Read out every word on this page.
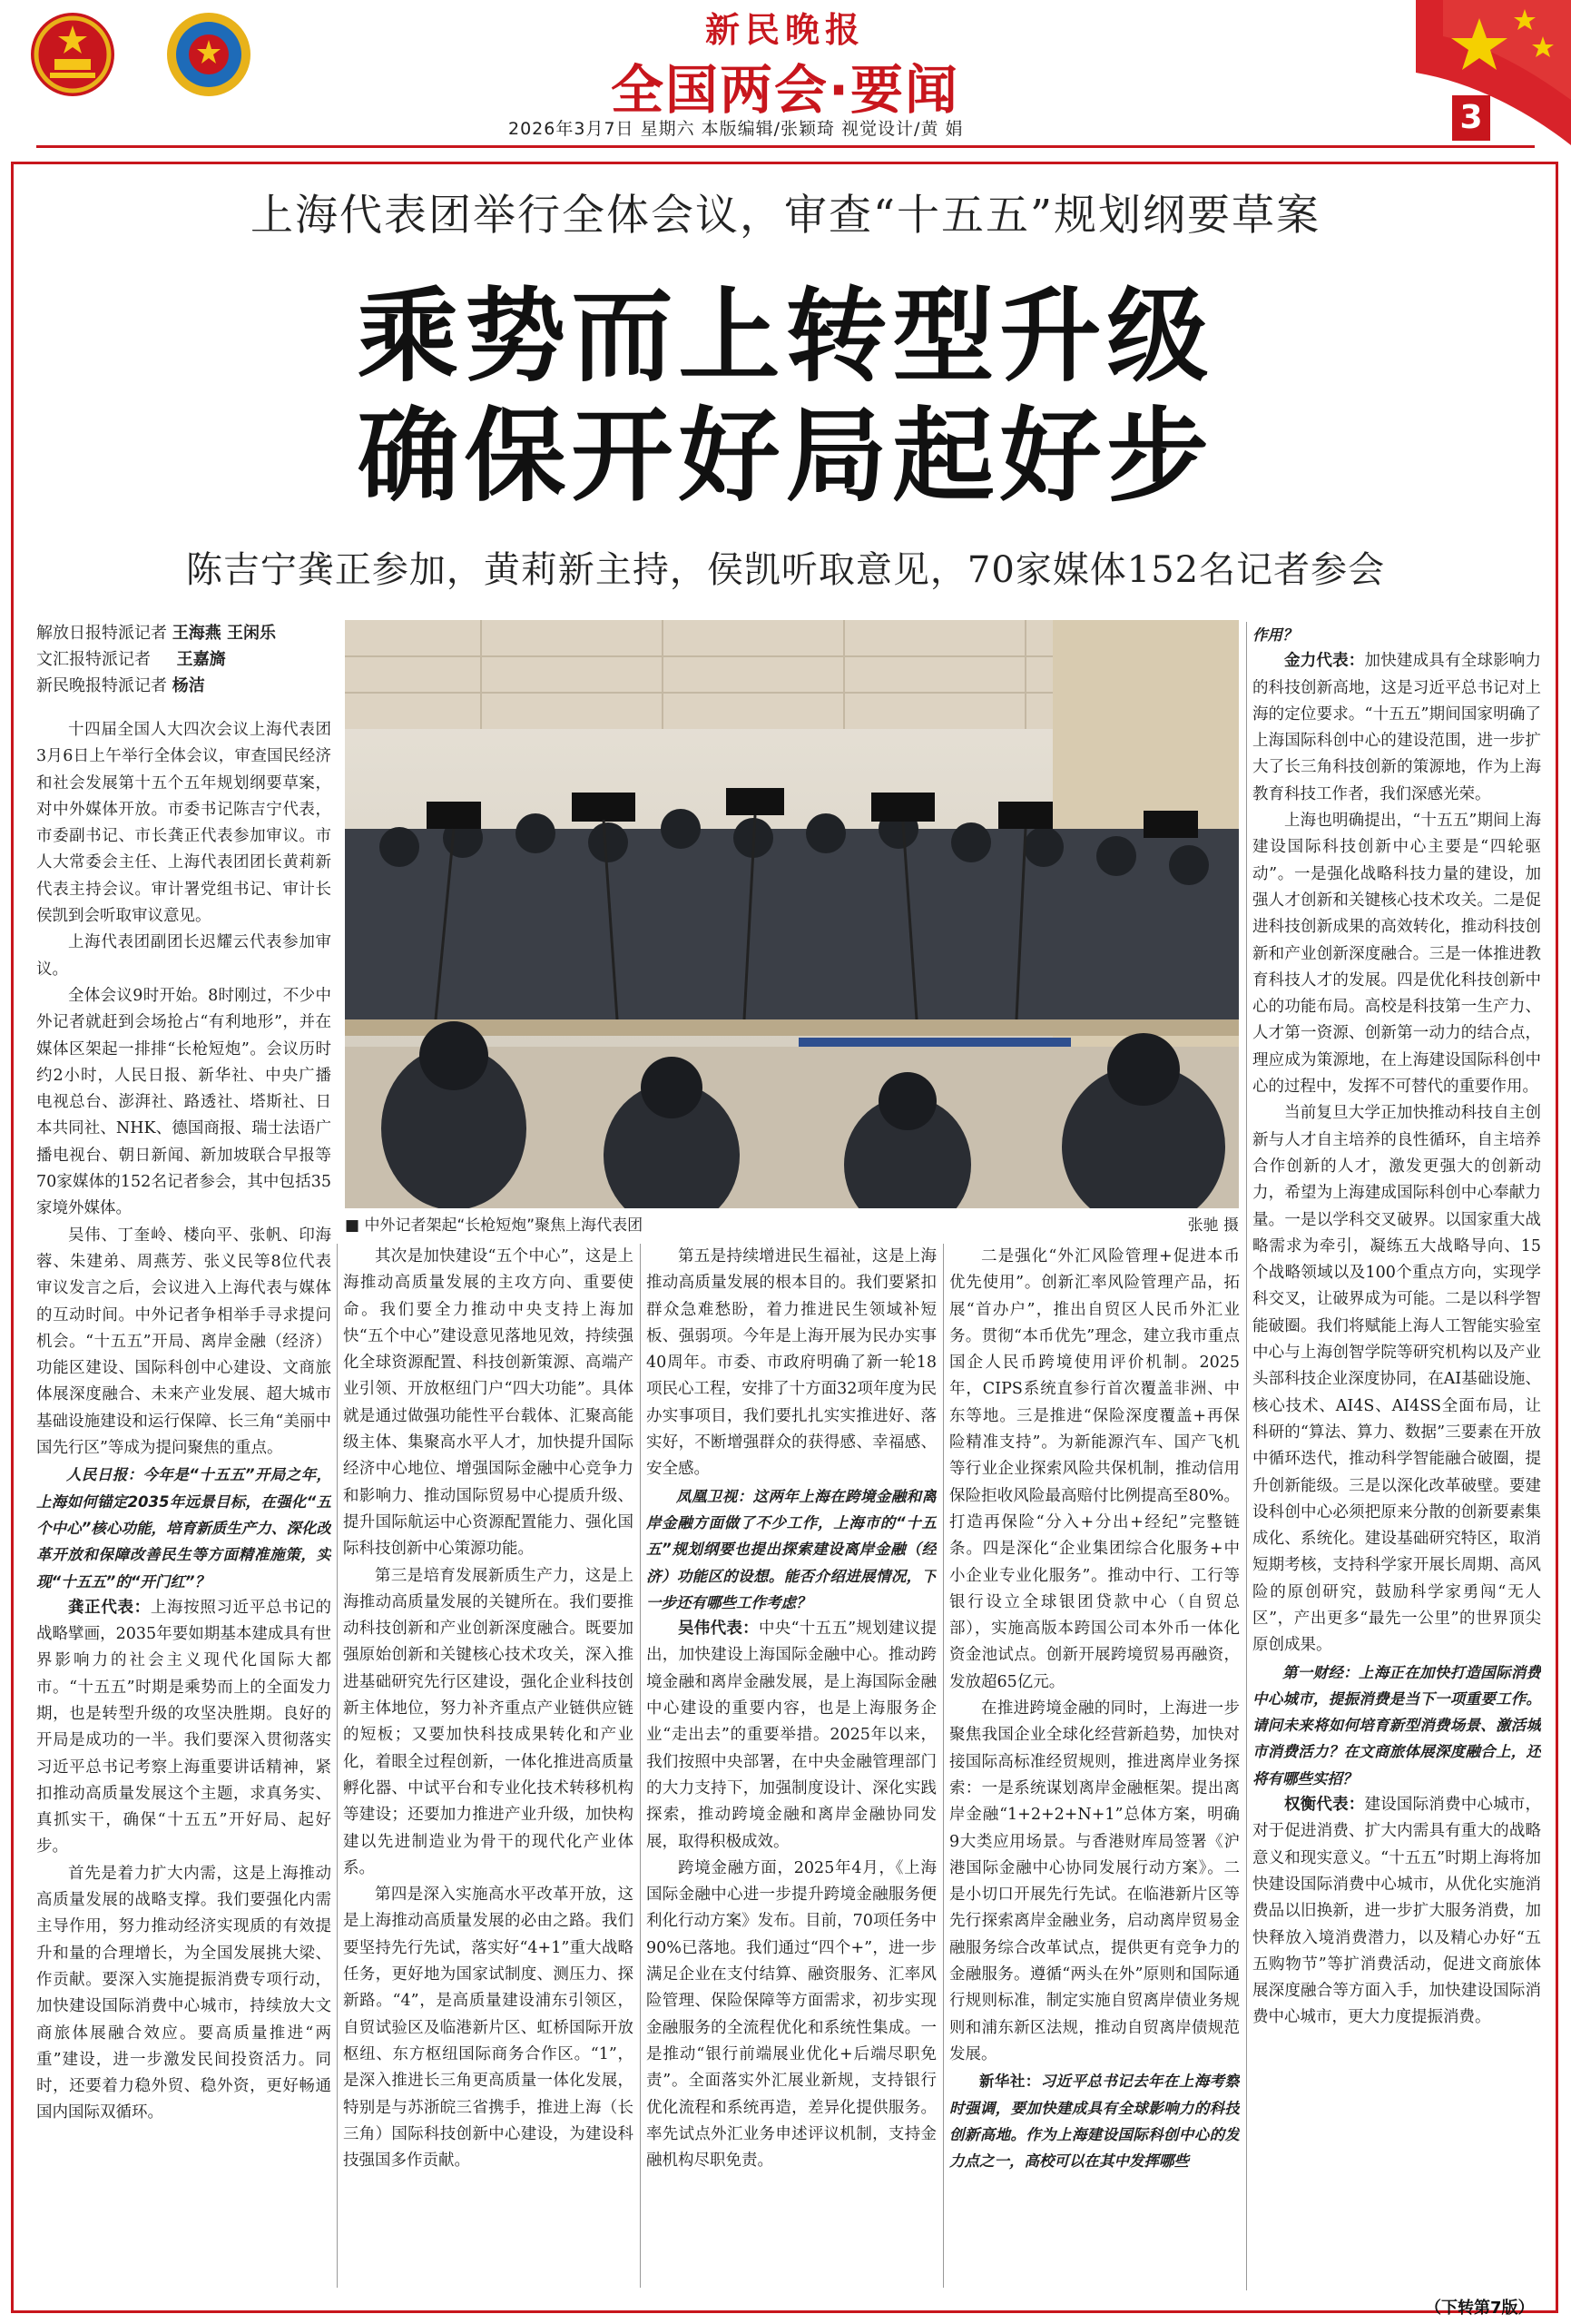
新民晚报
全国两会·要闻
2026年3月7日 星期六 本版编辑/张颖琦 视觉设计/黄 娟	3
上海代表团举行全体会议，审查“十五五”规划纲要草案
乘势而上转型升级
确保开好局起好步
陈吉宁龚正参加，黄莉新主持，侯凯听取意见，70家媒体152名记者参会
解放日报特派记者 王海燕 王闲乐
文汇报特派记者 王嘉旖
新民晚报特派记者 杨洁
■ 中外记者架起“长枪短炮”聚焦上海代表团	张驰 摄

十四届全国人大四次会议上海代表团3月6日上午举行全体会议，审查国民经济和社会发展第十五个五年规划纲要草案，对中外媒体开放。市委书记陈吉宁代表，市委副书记、市长龚正代表参加审议。市人大常委会主任、上海代表团团长黄莉新代表主持会议。审计署党组书记、审计长侯凯到会听取审议意见。

上海代表团副团长迟耀云代表参加审议。

全体会议9时开始。8时刚过，不少中外记者就赶到会场抢占“有利地形”，并在媒体区架起一排排“长枪短炮”。会议历时约2小时，人民日报、新华社、中央广播电视总台、澎湃社、路透社、塔斯社、日本共同社、NHK、德国商报、瑞士法语广播电视台、朝日新闻、新加坡联合早报等70家媒体的152名记者参会，其中包括35家境外媒体。

吴伟、丁奎岭、楼向平、张帆、印海蓉、朱建弟、周燕芳、张义民等8位代表审议发言之后，会议进入上海代表与媒体的互动时间。中外记者争相举手寻求提问机会。“十五五”开局、离岸金融（经济）功能区建设、国际科创中心建设、文商旅体展深度融合、未来产业发展、超大城市基础设施建设和运行保障、长三角“美丽中国先行区”等成为提问聚焦的重点。

人民日报：今年是“十五五”开局之年，上海如何锚定2035年远景目标，在强化“五个中心”核心功能，培育新质生产力、深化改革开放和保障改善民生等方面精准施策，实现“十五五”的“开门红”？

龚正代表：上海按照习近平总书记的战略擘画，2035年要如期基本建成具有世界影响力的社会主义现代化国际大都市。“十五五”时期是乘势而上的全面发力期，也是转型升级的攻坚决胜期。良好的开局是成功的一半。我们要深入贯彻落实习近平总书记考察上海重要讲话精神，紧扣推动高质量发展这个主题，求真务实、真抓实干，确保“十五五”开好局、起好步。

首先是着力扩大内需，这是上海推动高质量发展的战略支撑。我们要强化内需主导作用，努力推动经济实现质的有效提升和量的合理增长，为全国发展挑大梁、作贡献。要深入实施提振消费专项行动，加快建设国际消费中心城市，持续放大文商旅体展融合效应。要高质量推进“两重”建设，进一步激发民间投资活力。同时，还要着力稳外贸、稳外资，更好畅通国内国际双循环。

其次是加快建设“五个中心”，这是上海推动高质量发展的主攻方向、重要使命。我们要全力推动中央支持上海加快“五个中心”建设意见落地见效，持续强化全球资源配置、科技创新策源、高端产业引领、开放枢纽门户“四大功能”。具体就是通过做强功能性平台载体、汇聚高能级主体、集聚高水平人才，加快提升国际经济中心地位、增强国际金融中心竞争力和影响力、推动国际贸易中心提质升级、提升国际航运中心资源配置能力、强化国际科技创新中心策源功能。

第三是培育发展新质生产力，这是上海推动高质量发展的关键所在。我们要推动科技创新和产业创新深度融合。既要加强原始创新和关键核心技术攻关，深入推进基础研究先行区建设，强化企业科技创新主体地位，努力补齐重点产业链供应链的短板；又要加快科技成果转化和产业化，着眼全过程创新，一体化推进高质量孵化器、中试平台和专业化技术转移机构等建设；还要加力推进产业升级，加快构建以先进制造业为骨干的现代化产业体系。

第四是深入实施高水平改革开放，这是上海推动高质量发展的必由之路。我们要坚持先行先试，落实好“4+1”重大战略任务，更好地为国家试制度、测压力、探新路。“4”，是高质量建设浦东引领区，自贸试验区及临港新片区、虹桥国际开放枢纽、东方枢纽国际商务合作区。“1”，是深入推进长三角更高质量一体化发展，特别是与苏浙皖三省携手，推进上海（长三角）国际科技创新中心建设，为建设科技强国多作贡献。

第五是持续增进民生福祉，这是上海推动高质量发展的根本目的。我们要紧扣群众急难愁盼，着力推进民生领域补短板、强弱项。今年是上海开展为民办实事40周年。市委、市政府明确了新一轮18项民心工程，安排了十方面32项年度为民办实事项目，我们要扎扎实实推进好、落实好，不断增强群众的获得感、幸福感、安全感。

凤凰卫视：这两年上海在跨境金融和离岸金融方面做了不少工作，上海市的“十五五”规划纲要也提出探索建设离岸金融（经济）功能区的设想。能否介绍进展情况，下一步还有哪些工作考虑？

吴伟代表：中央“十五五”规划建议提出，加快建设上海国际金融中心。推动跨境金融和离岸金融发展，是上海国际金融中心建设的重要内容，也是上海服务企业“走出去”的重要举措。2025年以来，我们按照中央部署，在中央金融管理部门的大力支持下，加强制度设计、深化实践探索，推动跨境金融和离岸金融协同发展，取得积极成效。

跨境金融方面，2025年4月，《上海国际金融中心进一步提升跨境金融服务便利化行动方案》发布。目前，70项任务中90%已落地。我们通过“四个+”，进一步满足企业在支付结算、融资服务、汇率风险管理、保险保障等方面需求，初步实现金融服务的全流程优化和系统性集成。一是推动“银行前端展业优化+后端尽职免责”。全面落实外汇展业新规，支持银行优化流程和系统再造，差异化提供服务。率先试点外汇业务申述评议机制，支持金融机构尽职免责。

二是强化“外汇风险管理+促进本币优先使用”。创新汇率风险管理产品，拓展“首办户”，推出自贸区人民币外汇业务。贯彻“本币优先”理念，建立我市重点国企人民币跨境使用评价机制。2025年，CIPS系统直参行首次覆盖非洲、中东等地。三是推进“保险深度覆盖+再保险精准支持”。为新能源汽车、国产飞机等行业企业探索风险共保机制，推动信用保险拒收风险最高赔付比例提高至80%。打造再保险“分入+分出+经纪”完整链条。四是深化“企业集团综合化服务+中小企业专业化服务”。推动中行、工行等银行设立全球银团贷款中心（自贸总部），实施高版本跨国公司本外币一体化资金池试点。创新开展跨境贸易再融资，发放超65亿元。

在推进跨境金融的同时，上海进一步聚焦我国企业全球化经营新趋势，加快对接国际高标准经贸规则，推进离岸业务探索：一是系统谋划离岸金融框架。提出离岸金融“1+2+2+N+1”总体方案，明确9大类应用场景。与香港财库局签署《沪港国际金融中心协同发展行动方案》。二是小切口开展先行先试。在临港新片区等先行探索离岸金融业务，启动离岸贸易金融服务综合改革试点，提供更有竞争力的金融服务。遵循“两头在外”原则和国际通行规则标准，制定实施自贸离岸债业务规则和浦东新区法规，推动自贸离岸债规范发展。

新华社：习近平总书记去年在上海考察时强调，要加快建成具有全球影响力的科技创新高地。作为上海建设国际科创中心的发力点之一，高校可以在其中发挥哪些

作用？

金力代表：加快建成具有全球影响力的科技创新高地，这是习近平总书记对上海的定位要求。“十五五”期间国家明确了上海国际科创中心的建设范围，进一步扩大了长三角科技创新的策源地，作为上海教育科技工作者，我们深感光荣。

上海也明确提出，“十五五”期间上海建设国际科技创新中心主要是“四轮驱动”。一是强化战略科技力量的建设，加强人才创新和关键核心技术攻关。二是促进科技创新成果的高效转化，推动科技创新和产业创新深度融合。三是一体推进教育科技人才的发展。四是优化科技创新中心的功能布局。高校是科技第一生产力、人才第一资源、创新第一动力的结合点，理应成为策源地，在上海建设国际科创中心的过程中，发挥不可替代的重要作用。

当前复旦大学正加快推动科技自主创新与人才自主培养的良性循环，自主培养合作创新的人才，激发更强大的创新动力，希望为上海建成国际科创中心奉献力量。一是以学科交叉破界。以国家重大战略需求为牵引，凝练五大战略导向、15个战略领域以及100个重点方向，实现学科交叉，让破界成为可能。二是以科学智能破圈。我们将赋能上海人工智能实验室中心与上海创智学院等研究机构以及产业头部科技企业深度协同，在AI基础设施、核心技术、AI4S、AI4SS全面布局，让科研的“算法、算力、数据”三要素在开放中循环迭代，推动科学智能融合破圈，提升创新能级。三是以深化改革破壁。要建设科创中心必须把原来分散的创新要素集成化、系统化。建设基础研究特区，取消短期考核，支持科学家开展长周期、高风险的原创研究，鼓励科学家勇闯“无人区”，产出更多“最先一公里”的世界顶尖原创成果。

第一财经：上海正在加快打造国际消费中心城市，提振消费是当下一项重要工作。请问未来将如何培育新型消费场景、激活城市消费活力？在文商旅体展深度融合上，还将有哪些实招？

权衡代表：建设国际消费中心城市，对于促进消费、扩大内需具有重大的战略意义和现实意义。“十五五”时期上海将加快建设国际消费中心城市，从优化实施消费品以旧换新，进一步扩大服务消费，加快释放入境消费潜力，以及精心办好“五五购物节”等扩消费活动，促进文商旅体展深度融合等方面入手，加快建设国际消费中心城市，更大力度提振消费。

（下转第7版）
